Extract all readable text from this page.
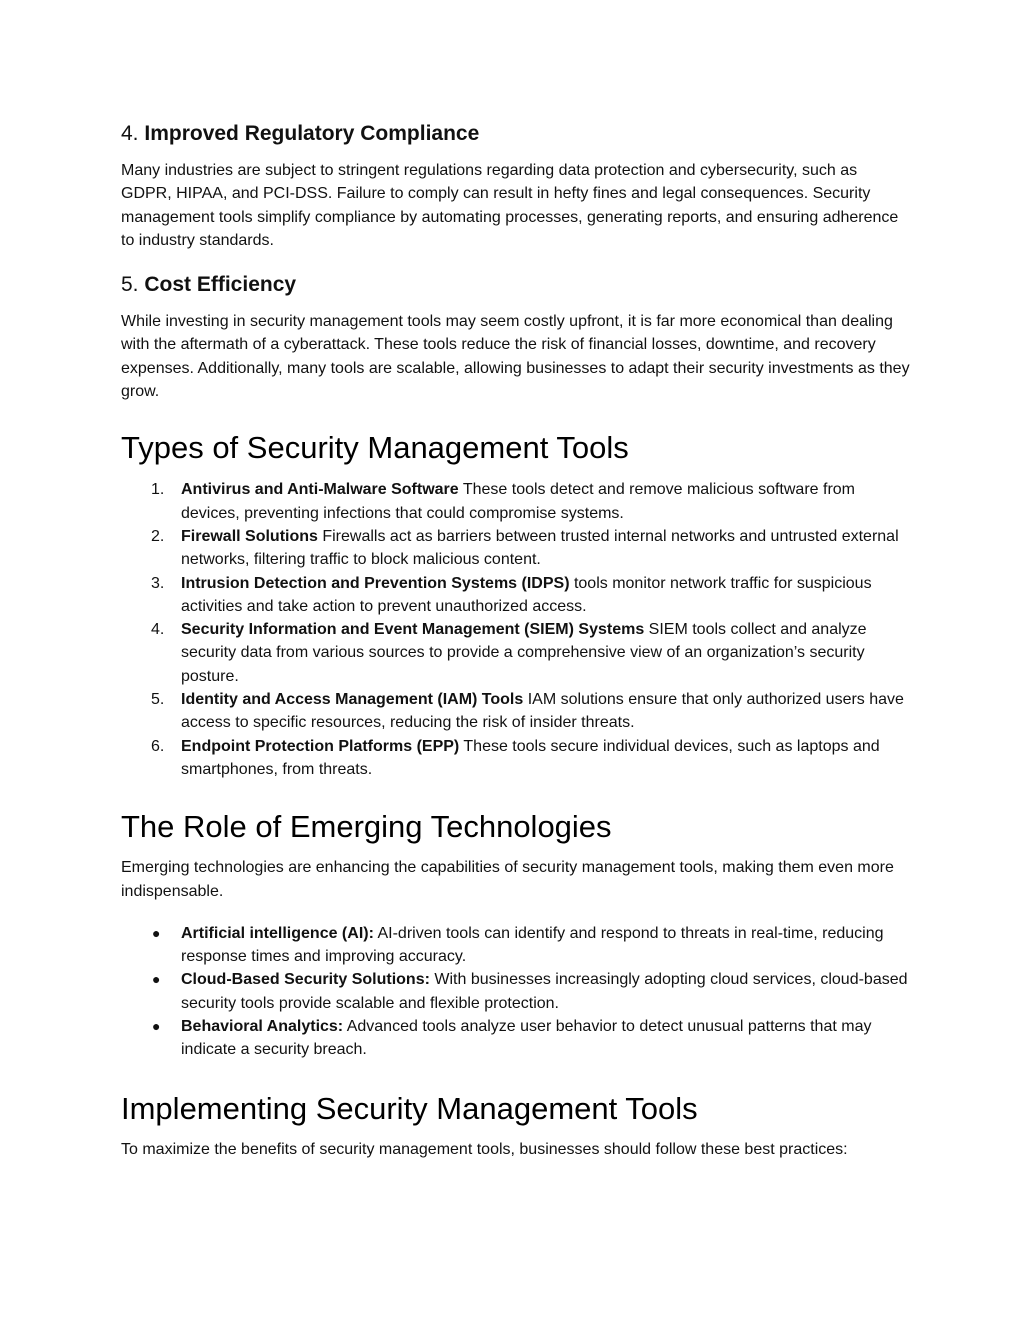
4. Improved Regulatory Compliance

Many industries are subject to stringent regulations regarding data protection and cybersecurity, such as GDPR, HIPAA, and PCI-DSS. Failure to comply can result in hefty fines and legal consequences. Security management tools simplify compliance by automating processes, generating reports, and ensuring adherence to industry standards.

5. Cost Efficiency

While investing in security management tools may seem costly upfront, it is far more economical than dealing with the aftermath of a cyberattack. These tools reduce the risk of financial losses, downtime, and recovery expenses. Additionally, many tools are scalable, allowing businesses to adapt their security investments as they grow.

Types of Security Management Tools
1. Antivirus and Anti-Malware Software These tools detect and remove malicious software from devices, preventing infections that could compromise systems.
2. Firewall Solutions Firewalls act as barriers between trusted internal networks and untrusted external networks, filtering traffic to block malicious content.
3. Intrusion Detection and Prevention Systems (IDPS) tools monitor network traffic for suspicious activities and take action to prevent unauthorized access.
4. Security Information and Event Management (SIEM) Systems SIEM tools collect and analyze security data from various sources to provide a comprehensive view of an organization’s security posture.
5. Identity and Access Management (IAM) Tools IAM solutions ensure that only authorized users have access to specific resources, reducing the risk of insider threats.
6. Endpoint Protection Platforms (EPP) These tools secure individual devices, such as laptops and smartphones, from threats.
The Role of Emerging Technologies

Emerging technologies are enhancing the capabilities of security management tools, making them even more indispensable.

● Artificial intelligence (AI): AI-driven tools can identify and respond to threats in real-time, reducing response times and improving accuracy.
● Cloud-Based Security Solutions: With businesses increasingly adopting cloud services, cloud-based security tools provide scalable and flexible protection.
● Behavioral Analytics: Advanced tools analyze user behavior to detect unusual patterns that may indicate a security breach.
Implementing Security Management Tools

To maximize the benefits of security management tools, businesses should follow these best practices:
